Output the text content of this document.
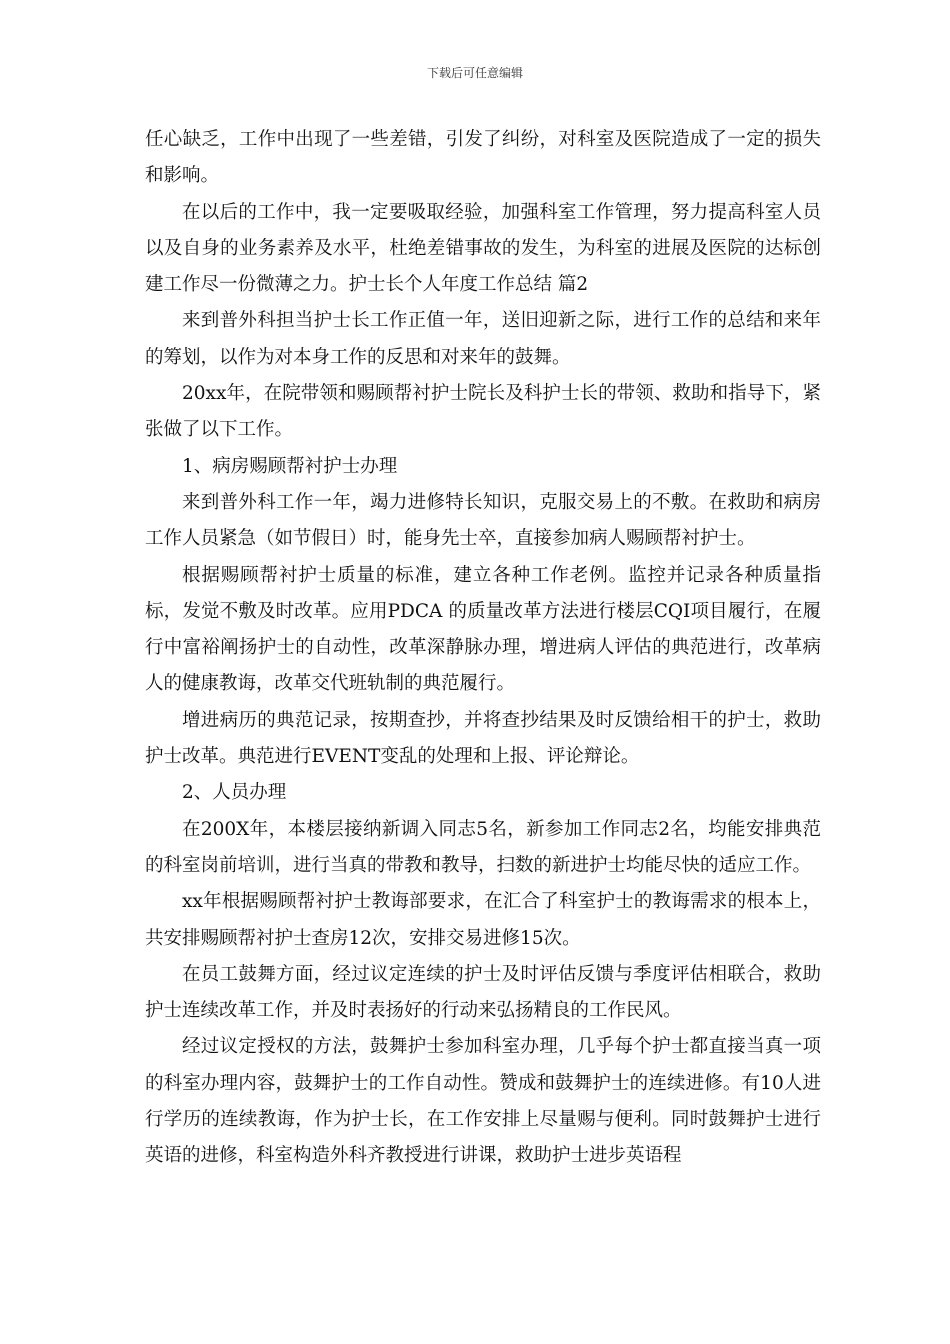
下载后可任意编辑

任心缺乏，工作中出现了一些差错，引发了纠纷，对科室及医院造成了一定的损失和影响。

在以后的工作中，我一定要吸取经验，加强科室工作管理，努力提高科室人员以及自身的业务素养及水平，杜绝差错事故的发生，为科室的进展及医院的达标创建工作尽一份微薄之力。护士长个人年度工作总结 篇2

来到普外科担当护士长工作正值一年，送旧迎新之际，进行工作的总结和来年的筹划，以作为对本身工作的反思和对来年的鼓舞。

20xx年，在院带领和赐顾帮衬护士院长及科护士长的带领、救助和指导下，紧张做了以下工作。

1、病房赐顾帮衬护士办理

来到普外科工作一年，竭力进修特长知识，克服交易上的不敷。在救助和病房工作人员紧急（如节假日）时，能身先士卒，直接参加病人赐顾帮衬护士。

根据赐顾帮衬护士质量的标准，建立各种工作老例。监控并记录各种质量指标，发觉不敷及时改革。应用PDCA 的质量改革方法进行楼层CQI项目履行，在履行中富裕阐扬护士的自动性，改革深静脉办理，增进病人评估的典范进行，改革病人的健康教诲，改革交代班轨制的典范履行。

增进病历的典范记录，按期查抄，并将查抄结果及时反馈给相干的护士，救助护士改革。典范进行EVENT变乱的处理和上报、评论辩论。

2、人员办理

在200X年，本楼层接纳新调入同志5名，新参加工作同志2名，均能安排典范的科室岗前培训，进行当真的带教和教导，扫数的新进护士均能尽快的适应工作。

xx年根据赐顾帮衬护士教诲部要求，在汇合了科室护士的教诲需求的根本上，共安排赐顾帮衬护士查房12次，安排交易进修15次。

在员工鼓舞方面，经过议定连续的护士及时评估反馈与季度评估相联合，救助护士连续改革工作，并及时表扬好的行动来弘扬精良的工作民风。

经过议定授权的方法，鼓舞护士参加科室办理，几乎每个护士都直接当真一项的科室办理内容，鼓舞护士的工作自动性。赞成和鼓舞护士的连续进修。有10人进行学历的连续教诲，作为护士长，在工作安排上尽量赐与便利。同时鼓舞护士进行英语的进修，科室构造外科齐教授进行讲课，救助护士进步英语程
